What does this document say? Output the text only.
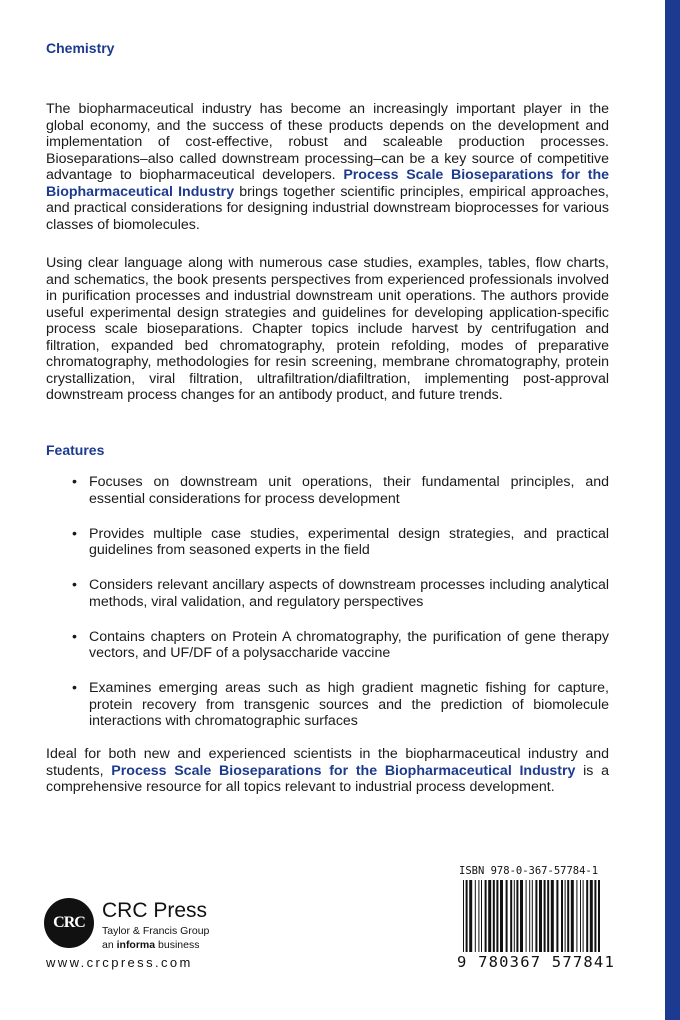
Chemistry

The biopharmaceutical industry has become an increasingly important player in the global economy, and the success of these products depends on the development and implementation of cost-effective, robust and scaleable production processes. Bioseparations–also called downstream processing–can be a key source of competitive advantage to biopharmaceutical developers. Process Scale Bioseparations for the Biopharmaceutical Industry brings together scientific principles, empirical approaches, and practical considerations for designing industrial downstream bioprocesses for various classes of biomolecules.

Using clear language along with numerous case studies, examples, tables, flow charts, and schematics, the book presents perspectives from experienced professionals involved in purification processes and industrial downstream unit operations. The authors provide useful experimental design strategies and guidelines for developing application-specific process scale bioseparations. Chapter topics include harvest by centrifugation and filtration, expanded bed chromatography, protein refolding, modes of preparative chromatography, methodologies for resin screening, membrane chromatography, protein crystallization, viral filtration, ultrafiltration/diafiltration, implementing post-approval downstream process changes for an antibody product, and future trends.

Features
• Focuses on downstream unit operations, their fundamental principles, and essential considerations for process development
• Provides multiple case studies, experimental design strategies, and practical guidelines from seasoned experts in the field
• Considers relevant ancillary aspects of downstream processes including analytical methods, viral validation, and regulatory perspectives
• Contains chapters on Protein A chromatography, the purification of gene therapy vectors, and UF/DF of a polysaccharide vaccine
• Examines emerging areas such as high gradient magnetic fishing for capture, protein recovery from transgenic sources and the prediction of biomolecule interactions with chromatographic surfaces

Ideal for both new and experienced scientists in the biopharmaceutical industry and students, Process Scale Bioseparations for the Biopharmaceutical Industry is a comprehensive resource for all topics relevant to industrial process development.

CRC
CRC Press
Taylor & Francis Group
an informa business
www.crcpress.com
ISBN 978-0-367-57784-1
9 780367 577841
